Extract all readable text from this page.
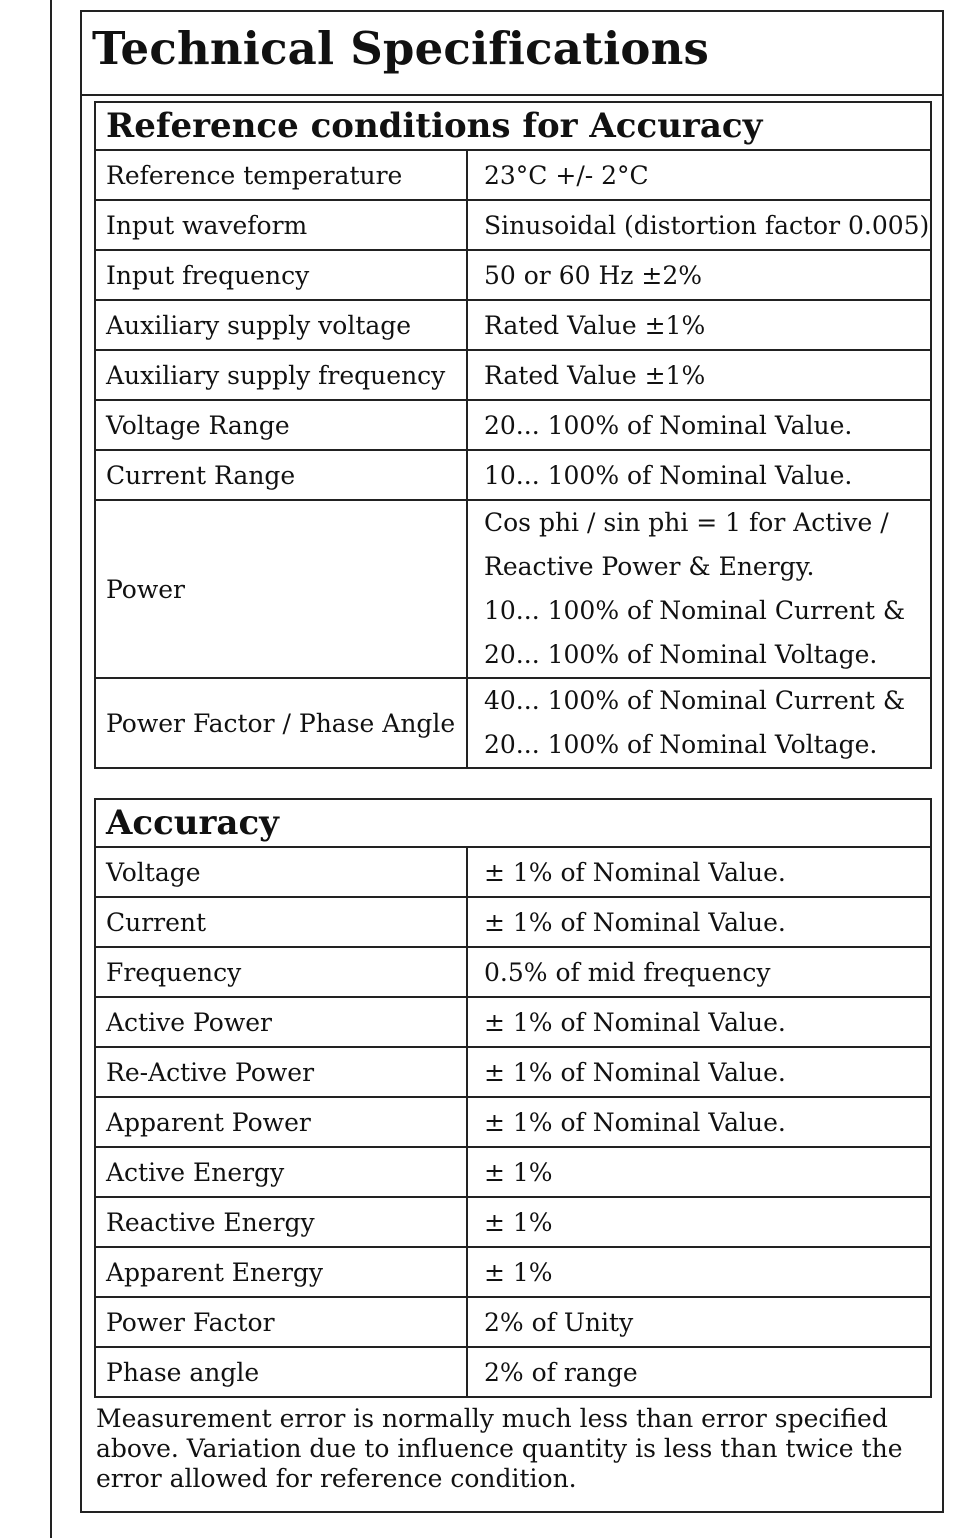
Technical Specifications
Reference conditions for Accuracy	
Reference temperature	23°C +/- 2°C

Input waveform	Sinusoidal (distortion factor 0.005)

Input frequency	50 or 60 Hz ±2%

Auxiliary supply voltage	Rated Value ±1%

Auxiliary supply frequency	Rated Value ±1%

Voltage Range	20... 100% of Nominal Value.

Current Range	10... 100% of Nominal Value.

Power	Cos phi / sin phi = 1 for Active /
Reactive Power & Energy.
10... 100% of Nominal Current &
20... 100% of Nominal Voltage.

Power Factor / Phase Angle	40... 100% of Nominal Current &
20... 100% of Nominal Voltage.
Accuracy	
Voltage	± 1% of Nominal Value.

Current	± 1% of Nominal Value.

Frequency	0.5% of mid frequency

Active Power	± 1% of Nominal Value.

Re-Active Power	± 1% of Nominal Value.

Apparent Power	± 1% of Nominal Value.

Active Energy	± 1%

Reactive Energy	± 1%

Apparent Energy	± 1%

Power Factor	2% of Unity

Phase angle	2% of range

Measurement error is normally much less than error specified above. Variation due to influence quantity is less than twice the error allowed for reference condition.
